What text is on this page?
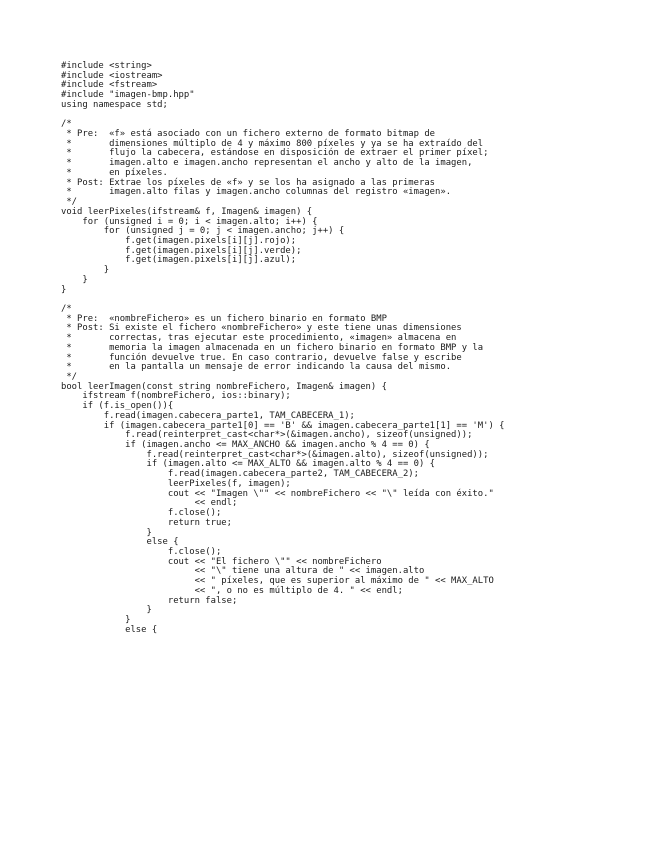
#include <string>
#include <iostream>
#include <fstream>
#include "imagen-bmp.hpp"
using namespace std;
/*
* Pre:  «f» está asociado con un fichero externo de formato bitmap de
*       dimensiones múltiplo de 4 y máximo 800 píxeles y ya se ha extraído del
*       flujo la cabecera, estándose en disposición de extraer el primer píxel;
*       imagen.alto e imagen.ancho representan el ancho y alto de la imagen,
*       en píxeles.
* Post: Extrae los píxeles de «f» y se los ha asignado a las primeras
*       imagen.alto filas y imagen.ancho columnas del registro «imagen».
*/
void leerPixeles(ifstream& f, Imagen& imagen) {
for (unsigned i = 0; i < imagen.alto; i++) {
for (unsigned j = 0; j < imagen.ancho; j++) {
f.get(imagen.pixels[i][j].rojo);
f.get(imagen.pixels[i][j].verde);
f.get(imagen.pixels[i][j].azul);
}
}
}
/*
* Pre:  «nombreFichero» es un fichero binario en formato BMP
* Post: Si existe el fichero «nombreFichero» y este tiene unas dimensiones
*       correctas, tras ejecutar este procedimiento, «imagen» almacena en
*       memoria la imagen almacenada en un fichero binario en formato BMP y la
*       función devuelve true. En caso contrario, devuelve false y escribe
*       en la pantalla un mensaje de error indicando la causa del mismo.
*/
bool leerImagen(const string nombreFichero, Imagen& imagen) {
ifstream f(nombreFichero, ios::binary);
if (f.is_open()){
f.read(imagen.cabecera_parte1, TAM_CABECERA_1);
if (imagen.cabecera_parte1[0] == 'B' && imagen.cabecera_parte1[1] == 'M') {
f.read(reinterpret_cast<char*>(&imagen.ancho), sizeof(unsigned));
if (imagen.ancho <= MAX_ANCHO && imagen.ancho % 4 == 0) {
f.read(reinterpret_cast<char*>(&imagen.alto), sizeof(unsigned));
if (imagen.alto <= MAX_ALTO && imagen.alto % 4 == 0) {
f.read(imagen.cabecera_parte2, TAM_CABECERA_2);
leerPixeles(f, imagen);
cout << "Imagen \"" << nombreFichero << "\" leída con éxito."
<< endl;
f.close();
return true;
}
else {
f.close();
cout << "El fichero \"" << nombreFichero
<< "\" tiene una altura de " << imagen.alto
<< " píxeles, que es superior al máximo de " << MAX_ALTO
<< ", o no es múltiplo de 4. " << endl;
return false;
}
}
else {
